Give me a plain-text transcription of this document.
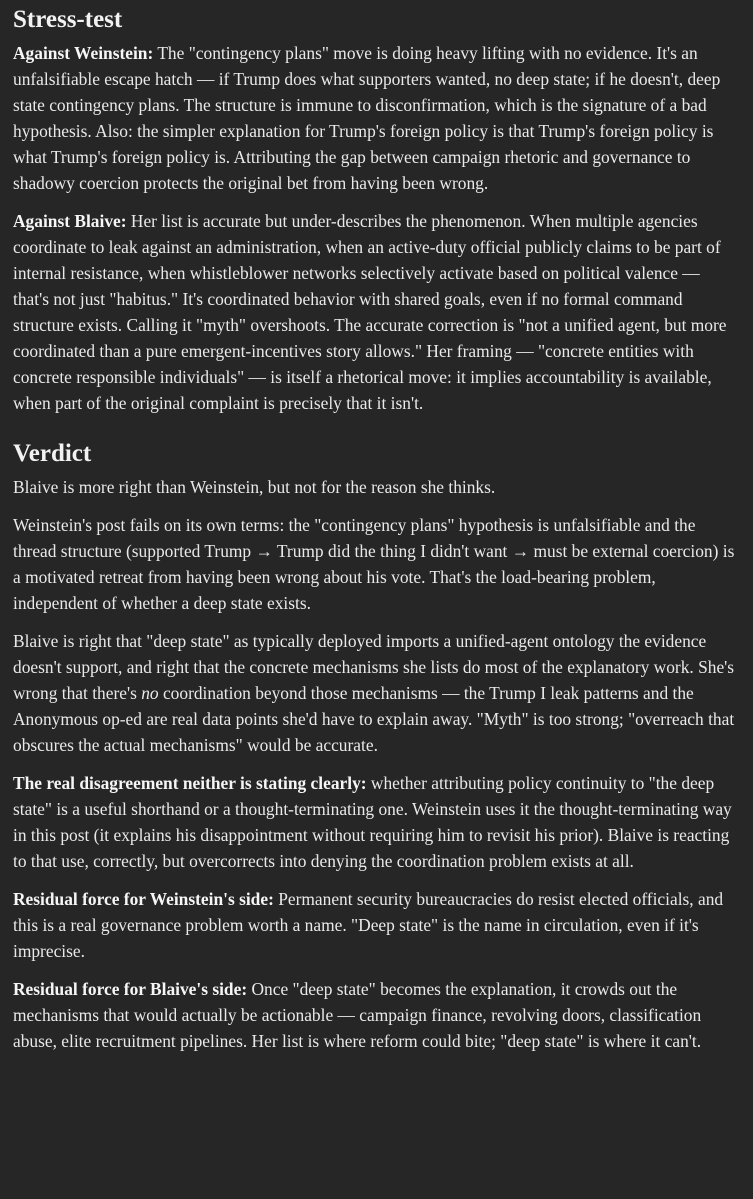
Stress-test

Against Weinstein: The "contingency plans" move is doing heavy lifting with no evidence. It's an unfalsifiable escape hatch — if Trump does what supporters wanted, no deep state; if he doesn't, deep state contingency plans. The structure is immune to disconfirmation, which is the signature of a bad hypothesis. Also: the simpler explanation for Trump's foreign policy is that Trump's foreign policy is what Trump's foreign policy is. Attributing the gap between campaign rhetoric and governance to shadowy coercion protects the original bet from having been wrong.

Against Blaive: Her list is accurate but under-describes the phenomenon. When multiple agencies coordinate to leak against an administration, when an active-duty official publicly claims to be part of internal resistance, when whistleblower networks selectively activate based on political valence — that's not just "habitus." It's coordinated behavior with shared goals, even if no formal command structure exists. Calling it "myth" overshoots. The accurate correction is "not a unified agent, but more coordinated than a pure emergent-incentives story allows." Her framing — "concrete entities with concrete responsible individuals" — is itself a rhetorical move: it implies accountability is available, when part of the original complaint is precisely that it isn't.

Verdict

Blaive is more right than Weinstein, but not for the reason she thinks.

Weinstein's post fails on its own terms: the "contingency plans" hypothesis is unfalsifiable and the thread structure (supported Trump → Trump did the thing I didn't want → must be external coercion) is a motivated retreat from having been wrong about his vote. That's the load-bearing problem, independent of whether a deep state exists.

Blaive is right that "deep state" as typically deployed imports a unified-agent ontology the evidence doesn't support, and right that the concrete mechanisms she lists do most of the explanatory work. She's wrong that there's no coordination beyond those mechanisms — the Trump I leak patterns and the Anonymous op-ed are real data points she'd have to explain away. "Myth" is too strong; "overreach that obscures the actual mechanisms" would be accurate.

The real disagreement neither is stating clearly: whether attributing policy continuity to "the deep state" is a useful shorthand or a thought-terminating one. Weinstein uses it the thought-terminating way in this post (it explains his disappointment without requiring him to revisit his prior). Blaive is reacting to that use, correctly, but overcorrects into denying the coordination problem exists at all.

Residual force for Weinstein's side: Permanent security bureaucracies do resist elected officials, and this is a real governance problem worth a name. "Deep state" is the name in circulation, even if it's imprecise.

Residual force for Blaive's side: Once "deep state" becomes the explanation, it crowds out the mechanisms that would actually be actionable — campaign finance, revolving doors, classification abuse, elite recruitment pipelines. Her list is where reform could bite; "deep state" is where it can't.
